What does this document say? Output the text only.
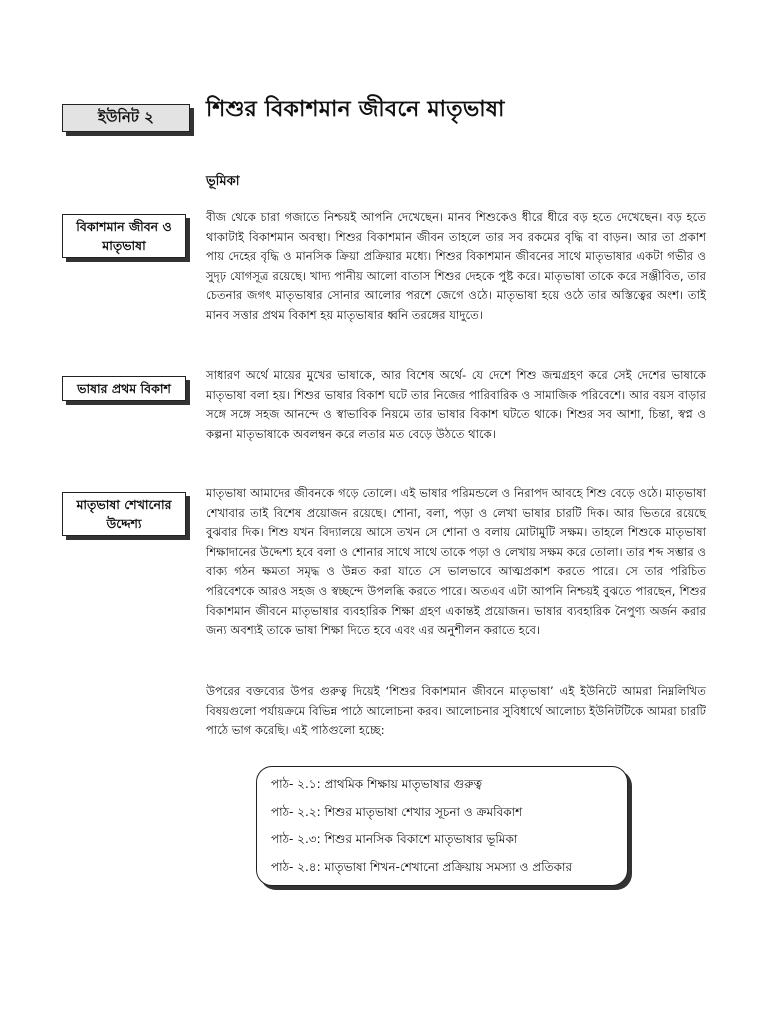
ইউনিট ২ শিশুর বিকাশমান জীবনে মাতৃভাষা
ভূমিকা
বিকাশমান জীবন ও
মাতৃভাষা

বীজ থেকে চারা গজাতে নিশ্চয়ই আপনি দেখেছেন। মানব শিশুকেও ধীরে ধীরে বড় হতে দেখেছেন। বড় হতে থাকাটাই বিকাশমান অবস্থা। শিশুর বিকাশমান জীবন তাহলে তার সব রকমের বৃদ্ধি বা বাড়ন। আর তা প্রকাশ পায় দেহের বৃদ্ধি ও মানসিক ক্রিয়া প্রক্রিয়ার মধ্যে। শিশুর বিকাশমান জীবনের সাথে মাতৃভাষার একটা গভীর ও সুদৃঢ় যোগসূত্র রয়েছে। খাদ্য পানীয় আলো বাতাস শিশুর দেহকে পুষ্ট করে। মাতৃভাষা তাকে করে সঞ্জীবিত, তার চেতনার জগৎ মাতৃভাষার সোনার আলোর পরশে জেগে ওঠে। মাতৃভাষা হয়ে ওঠে তার অস্তিত্বের অংশ। তাই মানব সত্তার প্রথম বিকাশ হয় মাতৃভাষার ধ্বনি তরঙ্গের যাদুতে।

ভাষার প্রথম বিকাশ

সাধারণ অর্থে মায়ের মুখের ভাষাকে, আর বিশেষ অর্থে- যে দেশে শিশু জন্মগ্রহণ করে সেই দেশের ভাষাকে মাতৃভাষা বলা হয়। শিশুর ভাষার বিকাশ ঘটে তার নিজের পারিবারিক ও সামাজিক পরিবেশে। আর বয়স বাড়ার সঙ্গে সঙ্গে সহজ আনন্দে ও স্বাভাবিক নিয়মে তার ভাষার বিকাশ ঘটতে থাকে। শিশুর সব আশা, চিন্তা, স্বপ্ন ও কল্পনা মাতৃভাষাকে অবলম্বন করে লতার মত বেড়ে উঠতে থাকে।

মাতৃভাষা শেখানোর
উদ্দেশ্য

মাতৃভাষা আমাদের জীবনকে গড়ে তোলে। এই ভাষার পরিমন্ডলে ও নিরাপদ আবহে শিশু বেড়ে ওঠে। মাতৃভাষা শেখাবার তাই বিশেষ প্রয়োজন রয়েছে। শোনা, বলা, পড়া ও লেখা ভাষার চারটি দিক। আর ভিতরে রয়েছে বুঝবার দিক। শিশু যখন বিদ্যালয়ে আসে তখন সে শোনা ও বলায় মোটামুটি সক্ষম। তাহলে শিশুকে মাতৃভাষা শিক্ষাদানের উদ্দেশ্য হবে বলা ও শোনার সাথে সাথে তাকে পড়া ও লেখায় সক্ষম করে তোলা। তার শব্দ সম্ভার ও বাক্য গঠন ক্ষমতা সমৃদ্ধ ও উন্নত করা যাতে সে ভালভাবে আত্মপ্রকাশ করতে পারে। সে তার পরিচিত পরিবেশকে আরও সহজ ও স্বচ্ছন্দে উপলব্ধি করতে পারে। অতএব এটা আপনি নিশ্চয়ই বুঝতে পারছেন, শিশুর বিকাশমান জীবনে মাতৃভাষার ব্যবহারিক শিক্ষা গ্রহণ একান্তই প্রয়োজন। ভাষার ব্যবহারিক নৈপুণ্য অর্জন করার জন্য অবশ্যই তাকে ভাষা শিক্ষা দিতে হবে এবং এর অনুশীলন করাতে হবে।

উপরের বক্তব্যের উপর গুরুত্ব দিয়েই ‘শিশুর বিকাশমান জীবনে মাতৃভাষা’ এই ইউনিটে আমরা নিম্নলিখিত বিষয়গুলো পর্যায়ক্রমে বিভিন্ন পাঠে আলোচনা করব। আলোচনার সুবিধার্থে আলোচ্য ইউনিটটিকে আমরা চারটি পাঠে ভাগ করেছি। এই পাঠগুলো হচ্ছে:

পাঠ- ২.১: প্রাথমিক শিক্ষায় মাতৃভাষার গুরুত্ব
পাঠ- ২.২: শিশুর মাতৃভাষা শেখার সূচনা ও ক্রমবিকাশ
পাঠ- ২.৩: শিশুর মানসিক বিকাশে মাতৃভাষার ভূমিকা
পাঠ- ২.৪: মাতৃভাষা শিখন-শেখানো প্রক্রিয়ায় সমস্যা ও প্রতিকার
